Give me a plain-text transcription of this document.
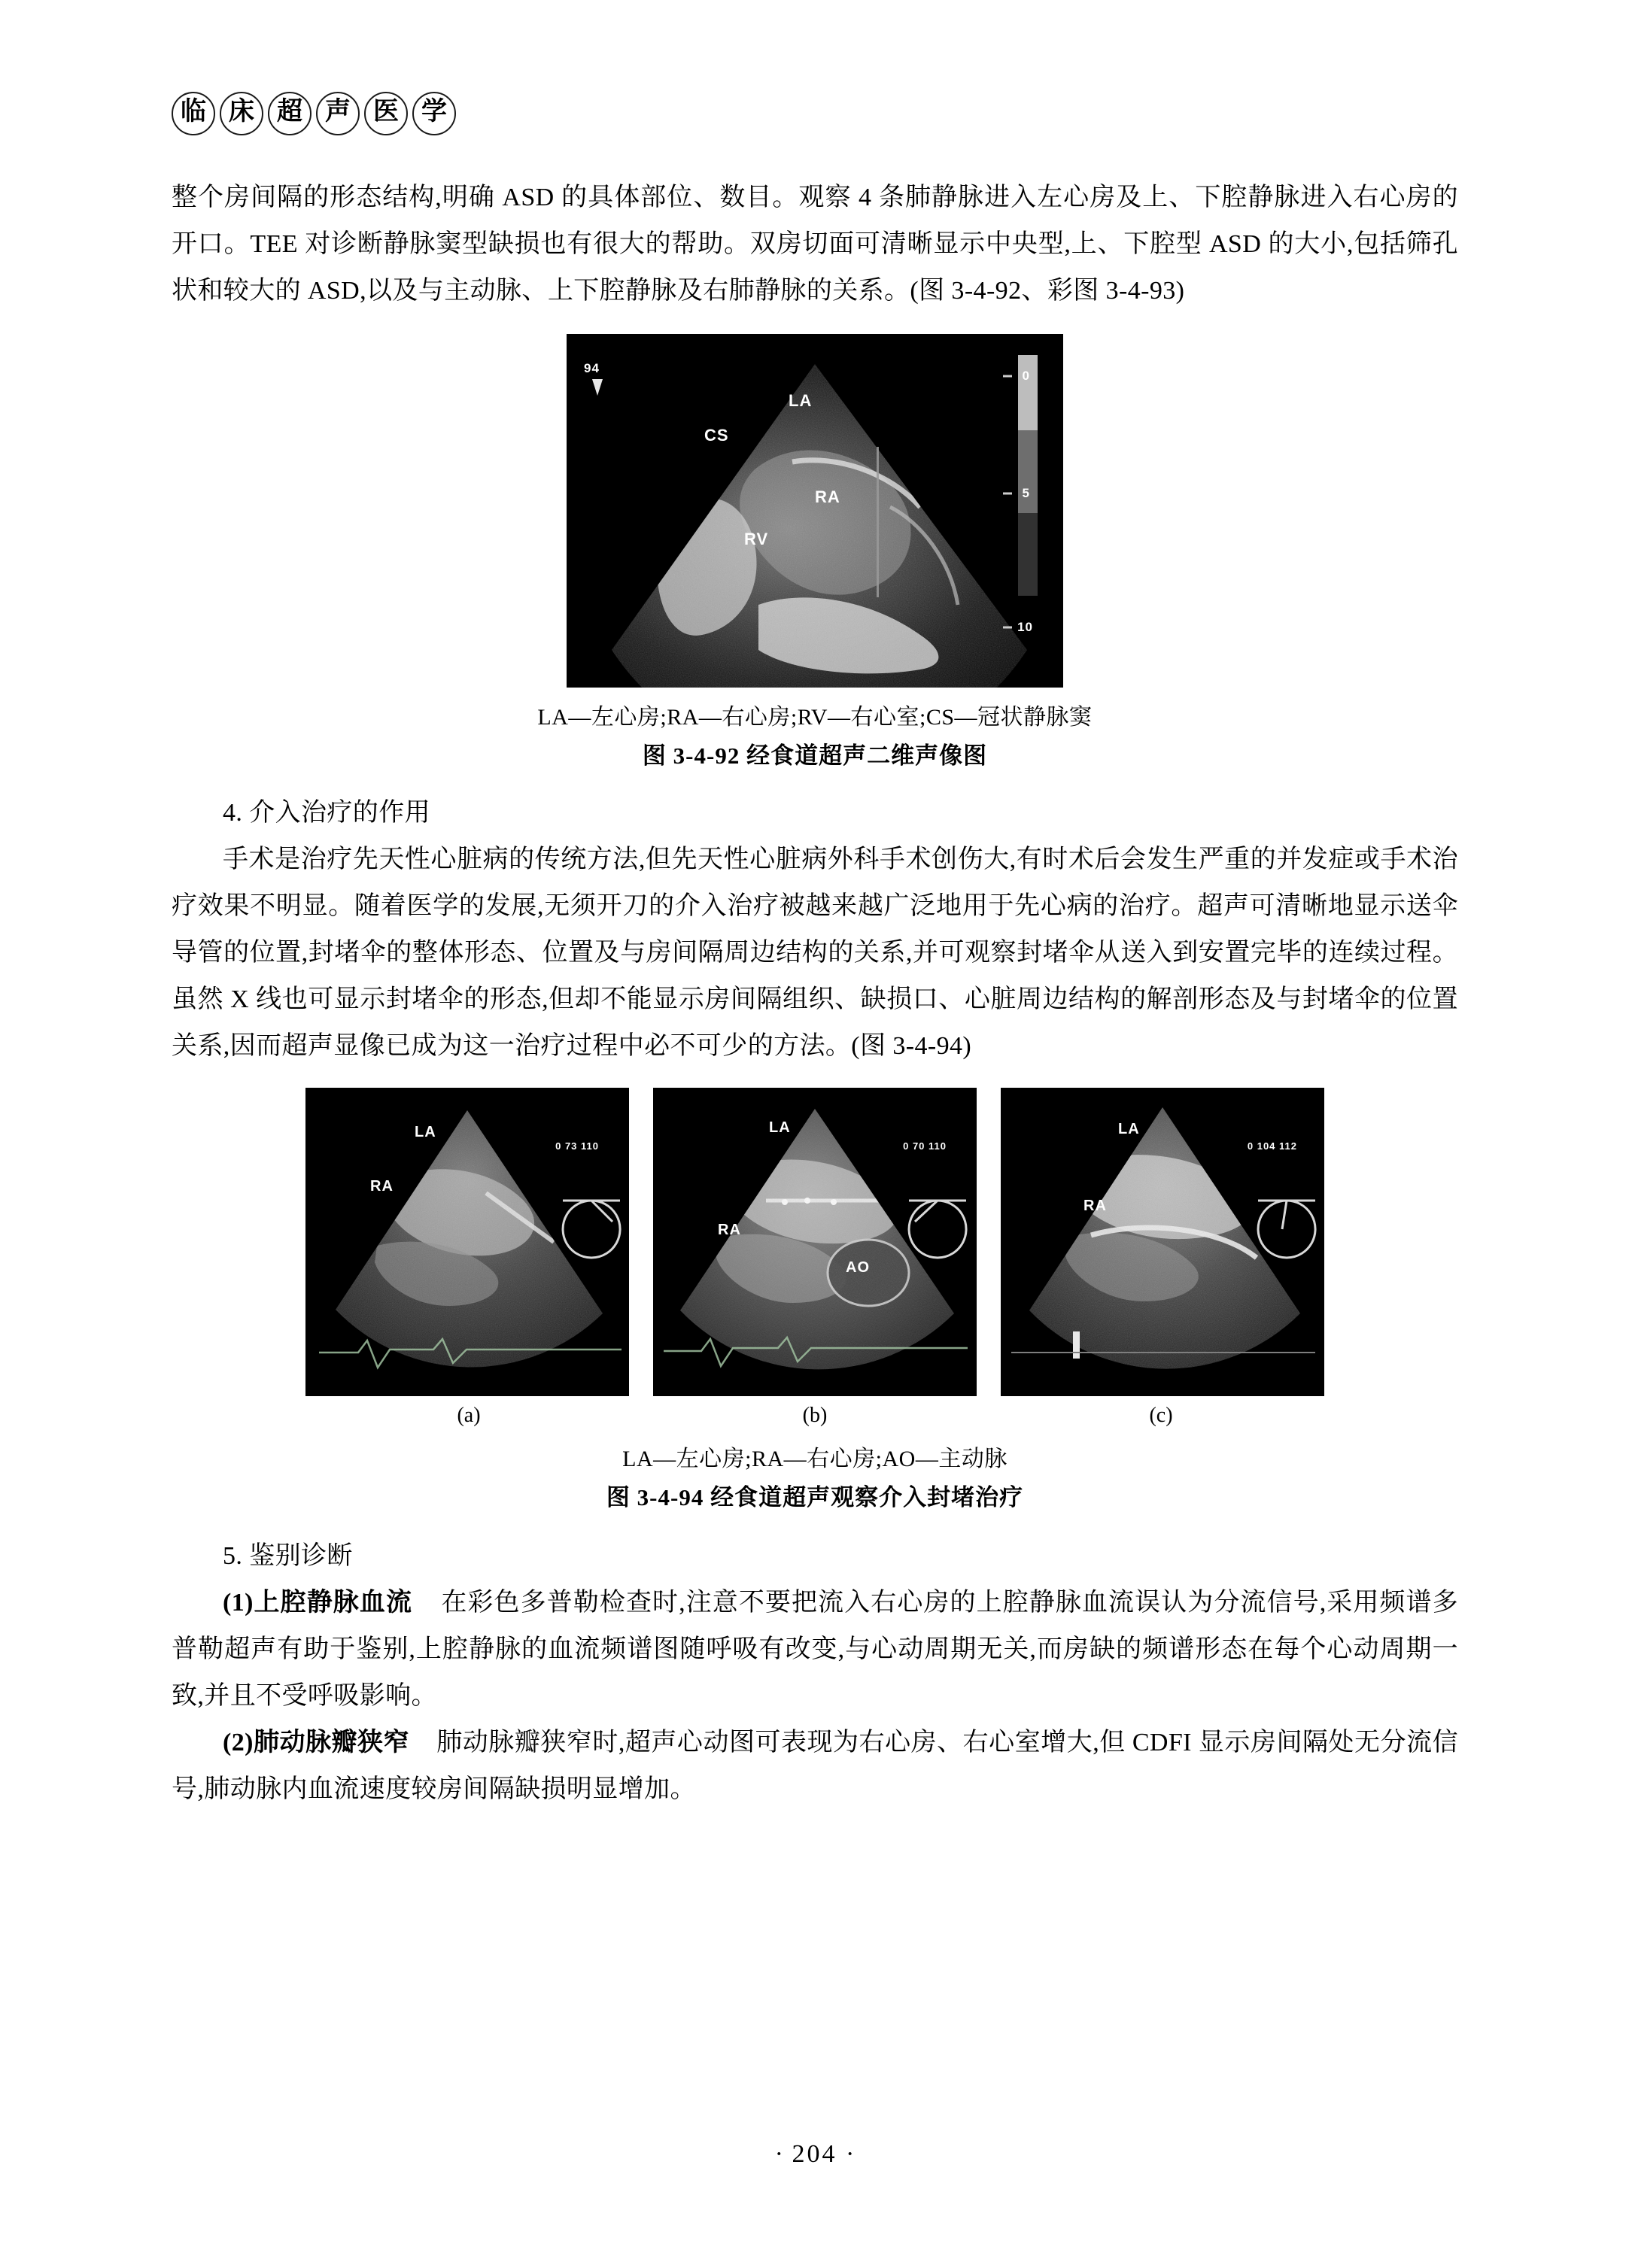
临 床 超 声 医 学

整个房间隔的形态结构,明确 ASD 的具体部位、数目。观察 4 条肺静脉进入左心房及上、下腔静脉进入右心房的开口。TEE 对诊断静脉窦型缺损也有很大的帮助。双房切面可清晰显示中央型,上、下腔型 ASD 的大小,包括筛孔状和较大的 ASD,以及与主动脉、上下腔静脉及右肺静脉的关系。(图 3-4-92、彩图 3-4-93)

94
0
5
10
LA
CS
RA
RV
LA—左心房;RA—右心房;RV—右心室;CS—冠状静脉窦
图 3-4-92 经食道超声二维声像图

4. 介入治疗的作用

手术是治疗先天性心脏病的传统方法,但先天性心脏病外科手术创伤大,有时术后会发生严重的并发症或手术治疗效果不明显。随着医学的发展,无须开刀的介入治疗被越来越广泛地用于先心病的治疗。超声可清晰地显示送伞导管的位置,封堵伞的整体形态、位置及与房间隔周边结构的关系,并可观察封堵伞从送入到安置完毕的连续过程。虽然 X 线也可显示封堵伞的形态,但却不能显示房间隔组织、缺损口、心脏周边结构的解剖形态及与封堵伞的位置关系,因而超声显像已成为这一治疗过程中必不可少的方法。(图 3-4-94)

LA
RA
0 73 110
LA
RA
AO
0 70 110
LA
RA
0 104 112
(a)	(b)	(c)
LA—左心房;RA—右心房;AO—主动脉
图 3-4-94 经食道超声观察介入封堵治疗

5. 鉴别诊断

(1)上腔静脉血流 在彩色多普勒检查时,注意不要把流入右心房的上腔静脉血流误认为分流信号,采用频谱多普勒超声有助于鉴别,上腔静脉的血流频谱图随呼吸有改变,与心动周期无关,而房缺的频谱形态在每个心动周期一致,并且不受呼吸影响。

(2)肺动脉瓣狭窄 肺动脉瓣狭窄时,超声心动图可表现为右心房、右心室增大,但 CDFI 显示房间隔处无分流信号,肺动脉内血流速度较房间隔缺损明显增加。

· 204 ·
